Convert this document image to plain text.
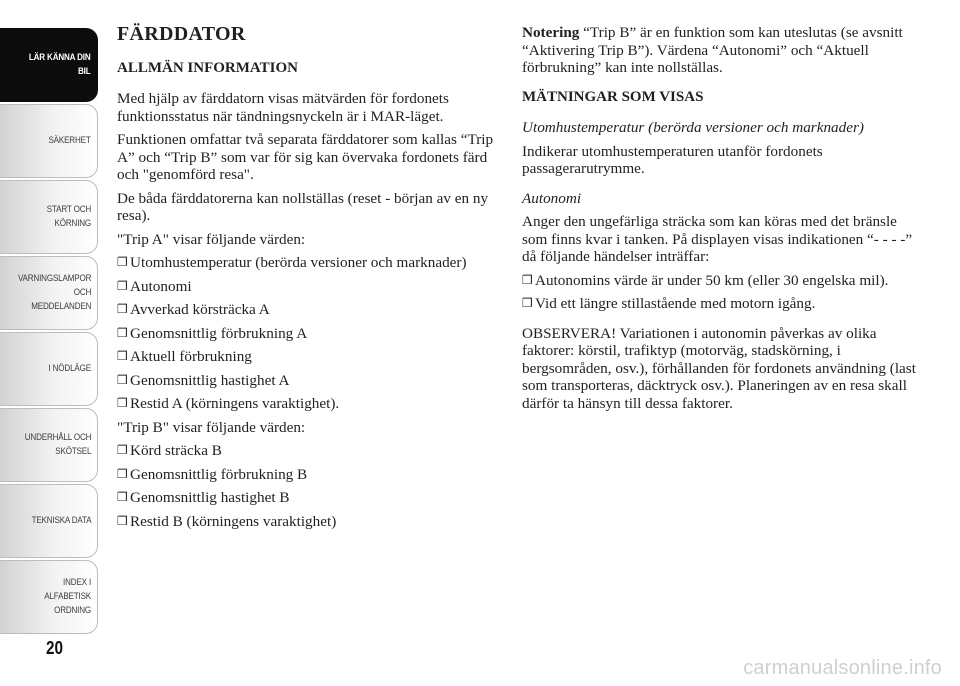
LÄR KÄNNA DIN
BIL
SÄKERHET
START OCH
KÖRNING
VARNINGSLAMPOR
OCH
MEDDELANDEN
I NÖDLÄGE
UNDERHÅLL OCH
SKÖTSEL
TEKNISKA DATA
INDEX I
ALFABETISK
ORDNING
20
FÄRDDATOR
ALLMÄN INFORMATION

Med hjälp av färddatorn visas mätvärden för fordonets funktionsstatus när tändningsnyckeln är i MAR-läget.

Funktionen omfattar två separata färddatorer som kallas “Trip A” och “Trip B” som var för sig kan övervaka fordonets färd och "genomförd resa".

De båda färddatorerna kan nollställas (reset - början av en ny resa).

"Trip A" visar följande värden:

❒ Utomhustemperatur (berörda versioner och marknader)
❒ Autonomi
❒ Avverkad körsträcka A
❒ Genomsnittlig förbrukning A
❒ Aktuell förbrukning
❒ Genomsnittlig hastighet A
❒ Restid A (körningens varaktighet).

"Trip B" visar följande värden:

❒ Körd sträcka B
❒ Genomsnittlig förbrukning B
❒ Genomsnittlig hastighet B
❒ Restid B (körningens varaktighet)

Notering “Trip B” är en funktion som kan uteslutas (se avsnitt “Aktivering Trip B”). Värdena “Autonomi” och “Aktuell förbrukning” kan inte nollställas.

MÄTNINGAR SOM VISAS

Utomhustemperatur (berörda versioner och marknader)

Indikerar utomhustemperaturen utanför fordonets passagerarutrymme.

Autonomi

Anger den ungefärliga sträcka som kan köras med det bränsle som finns kvar i tanken. På displayen visas indikationen “- - - -” då följande händelser inträffar:

❒ Autonomins värde är under 50 km (eller 30 engelska mil).
❒ Vid ett längre stillastående med motorn igång.

OBSERVERA! Variationen i autonomin påverkas av olika faktorer: körstil, trafiktyp (motorväg, stadskörning, i bergsområden, osv.), förhållanden för fordonets användning (last som transporteras, däcktryck osv.). Planeringen av en resa skall därför ta hänsyn till dessa faktorer.

carmanualsonline.info
